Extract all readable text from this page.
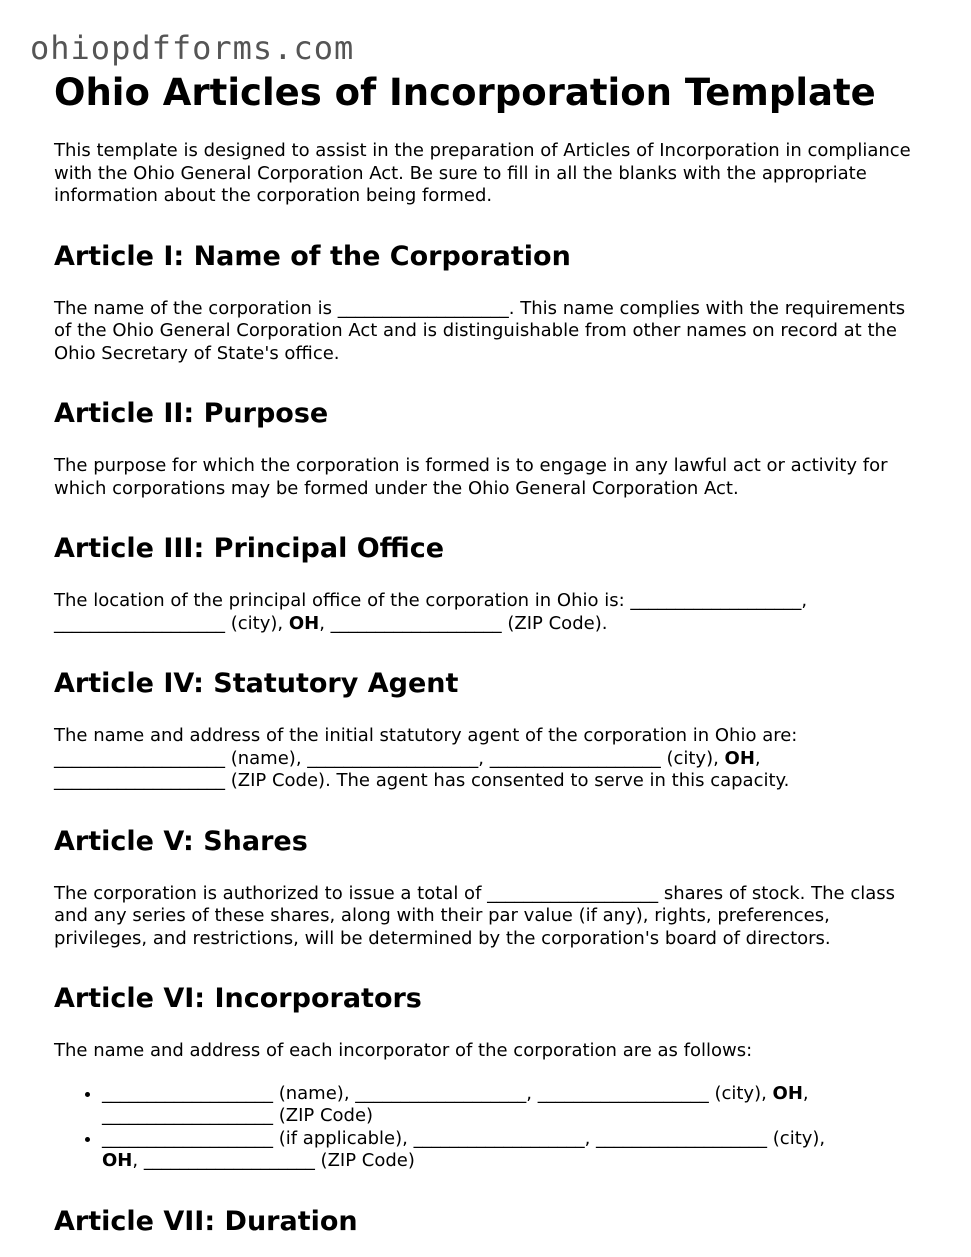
ohiopdfforms.com
Ohio Articles of Incorporation Template

This template is designed to assist in the preparation of Articles of Incorporation in compliance with the Ohio General Corporation Act. Be sure to fill in all the blanks with the appropriate information about the corporation being formed.

Article I: Name of the Corporation

The name of the corporation is ___________________. This name complies with the requirements of the Ohio General Corporation Act and is distinguishable from other names on record at the Ohio Secretary of State's office.

Article II: Purpose

The purpose for which the corporation is formed is to engage in any lawful act or activity for which corporations may be formed under the Ohio General Corporation Act.

Article III: Principal Office

The location of the principal office of the corporation in Ohio is: ___________________,
___________________ (city), OH, ___________________ (ZIP Code).

Article IV: Statutory Agent

The name and address of the initial statutory agent of the corporation in Ohio are:
___________________ (name), ___________________, ___________________ (city), OH,
___________________ (ZIP Code). The agent has consented to serve in this capacity.

Article V: Shares

The corporation is authorized to issue a total of ___________________ shares of stock. The class and any series of these shares, along with their par value (if any), rights, preferences, privileges, and restrictions, will be determined by the corporation's board of directors.

Article VI: Incorporators

The name and address of each incorporator of the corporation are as follows:

• ___________________ (name), ___________________, ___________________ (city), OH,
___________________ (ZIP Code)
• ___________________ (if applicable), ___________________, ___________________ (city),
OH, ___________________ (ZIP Code)
Article VII: Duration
